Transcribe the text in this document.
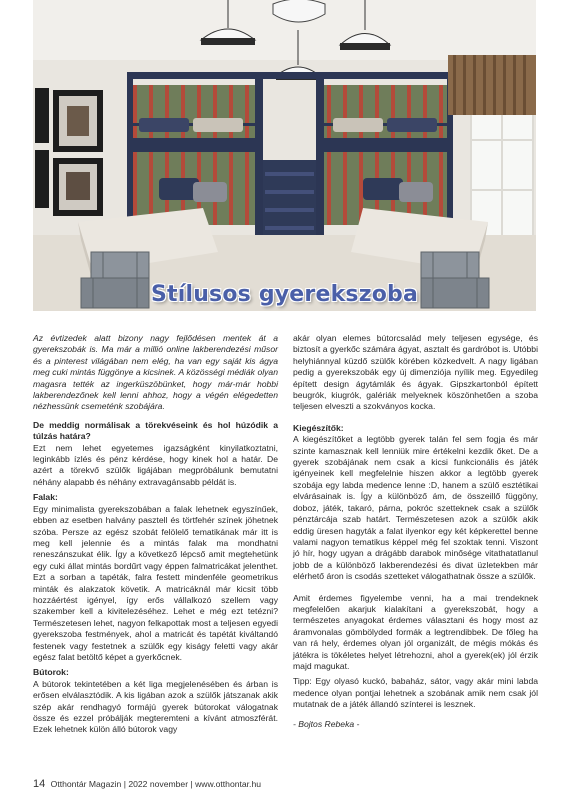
Stílusos gyerekszoba

Az évtizedek alatt bizony nagy fejlődésen mentek át a gyerekszobák is. Ma már a millió online lakberendezési műsor és a pinterest világában nem elég, ha van egy saját kis ágya meg cuki mintás függönye a kicsinek. A közösségi médiák olyan magasra tették az ingerküszöbünket, hogy már-már hobbi lakberendezőnek kell lenni ahhoz, hogy a végén elégedetten nézhessünk csemeténk szobájára.

De meddig normálisak a törekvéseink és hol húzódik a túlzás határa?

Ezt nem lehet egyetemes igazságként kinyilatkoztatni, leginkább ízlés és pénz kérdése, hogy kinek hol a határ. De azért a törekvő szülők ligájában megpróbálunk bemutatni néhány alapabb és néhány extravagánsabb példát is.

Falak:

Egy minimalista gyerekszobában a falak lehetnek egyszínűek, ebben az esetben halvány pasztell és törtfehér színek jöhetnek szóba. Persze az egész szobát felölelő tematikának már itt is meg kell jelennie és a mintás falak ma mondhatni reneszánszukat élik. Így a következő lépcső amit megtehetünk egy cuki állat mintás bordűrt vagy éppen falmatricákat jelenthet. Ezt a sorban a tapéták, falra festett mindenféle geometrikus minták és alakzatok követik. A matricáknál már kicsit több hozzáértést igényel, így erős vállalkozó szellem vagy szakember kell a kivitelezéséhez. Lehet e még ezt tetézni? Természetesen lehet, nagyon felkapottak most a teljesen egyedi gyerekszoba festmények, ahol a matricát és tapétát kiváltandó festenek vagy festetnek a szülők egy kiságy feletti vagy akár egész falat betöltő képet a gyerkőcnek.

Bútorok:

A bútorok tekintetében a két liga megjelenésében és árban is erősen elválasztódik. A kis ligában azok a szülők játszanak akik szép akár rendhagyó formájú gyerek bútorokat válogatnak össze és ezzel próbálják megteremteni a kívánt atmoszférát. Ezek lehetnek külön álló bútorok vagy

akár olyan elemes bútorcsalád mely teljesen egysége, és biztosít a gyerkőc számára ágyat, asztalt és gardróbot is. Utóbbi helyhiánnyal küzdő szülők körében közkedvelt. A nagy ligában pedig a gyerekszobák egy új dimenziója nyílik meg. Egyedileg épített design ágytámlák és ágyak. Gipszkartonból épített beugrók, kiugrók, galériák melyeknek köszönhetően a szoba teljesen elveszti a szokványos kocka.

Kiegészítők:

A kiegészítőket a legtöbb gyerek talán fel sem fogja és már szinte kamasznak kell lenniük mire értékelni kezdik őket. De a gyerek szobájának nem csak a kicsi funkcionális és játék igényeinek kell megfelelnie hiszen akkor a legtöbb gyerek szobája egy labda medence lenne :D, hanem a szülő esztétikai elvárásainak is. Így a különböző ám, de összeillő függöny, doboz, játék, takaró, párna, pokróc szetteknek csak a szülők pénztárcája szab határt. Természetesen azok a szülők akik eddig üresen hagyták a falat ilyenkor egy két képkerettel benne valami nagyon tematikus képpel még fel szoktak tenni. Viszont jó hír, hogy ugyan a drágább darabok minősége vitathatatlanul jobb de a különböző lakberendezési és divat üzletekben már elérhető áron is csodás szetteket válogathatnak össze a szülők.

Amit érdemes figyelembe venni, ha a mai trendeknek megfelelően akarjuk kialakítani a gyerekszobát, hogy a természetes anyagokat érdemes választani és hogy most az áramvonalas gömbölyded formák a legtrendibbek. De főleg ha van rá hely, érdemes olyan jól organizált, de mégis mókás és játékra is tökéletes helyet létrehozni, ahol a gyerek(ek) jól érzik majd magukat.

Tipp: Egy olyasó kuckó, babaház, sátor, vagy akár mini labda medence olyan pontjai lehetnek a szobának amik nem csak jól mutatnak de a játék állandó színterei is lesznek.

- Bojtos Rebeka -

14 Otthontár Magazin | 2022 november | www.otthontar.hu
